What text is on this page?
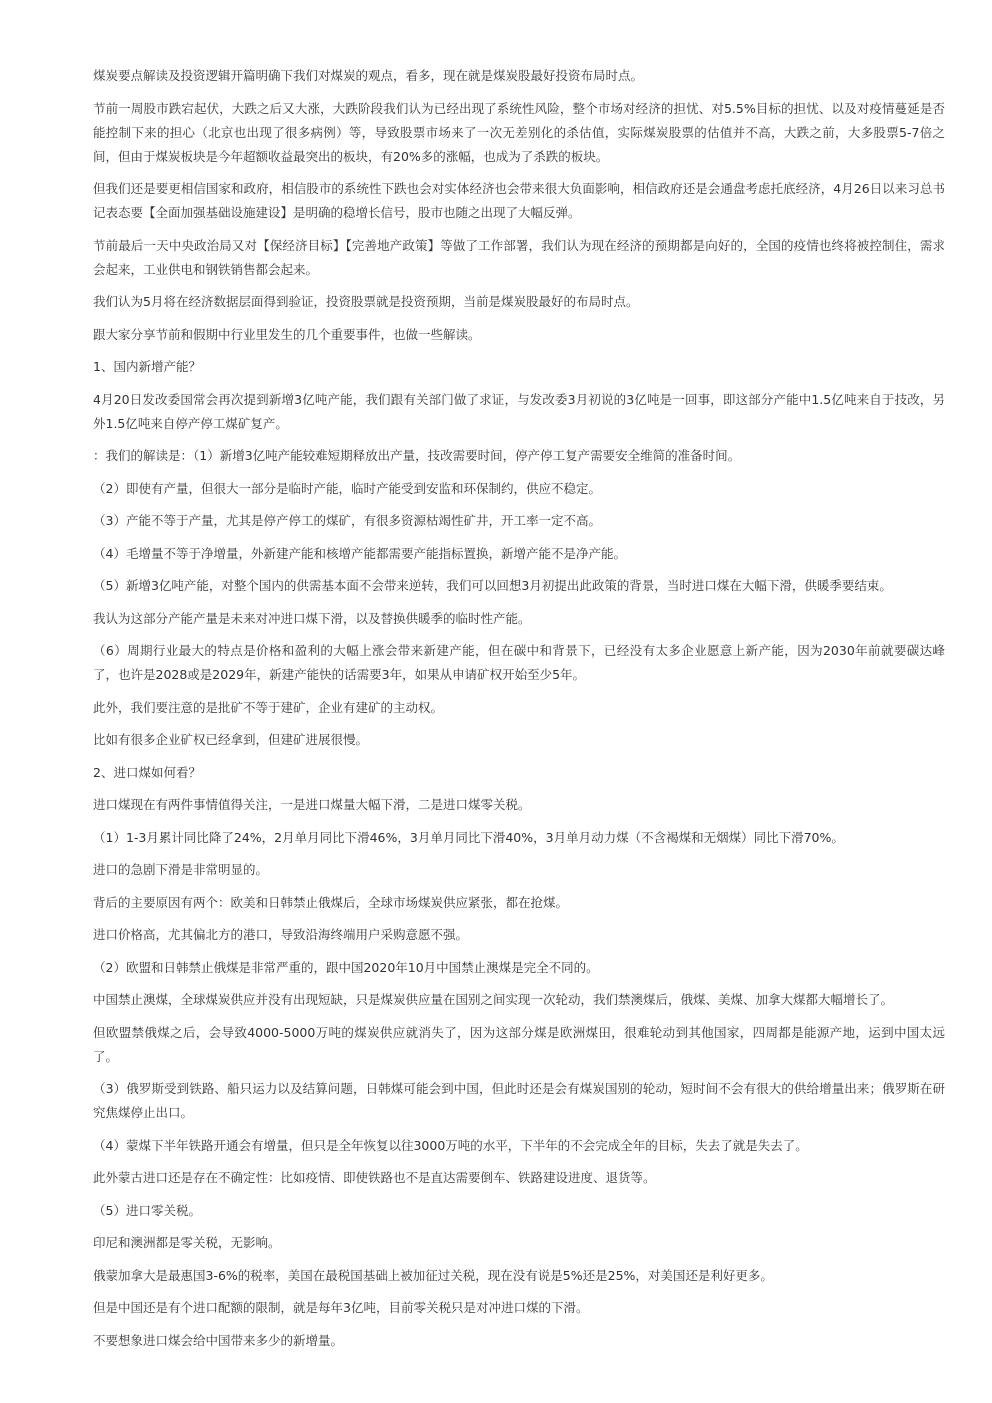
煤炭要点解读及投资逻辑开篇明确下我们对煤炭的观点，看多，现在就是煤炭股最好投资布局时点。

节前一周股市跌宕起伏，大跌之后又大涨，大跌阶段我们认为已经出现了系统性风险，整个市场对经济的担忧、对5.5%目标的担忧、以及对疫情蔓延是否能控制下来的担心（北京也出现了很多病例）等，导致股票市场来了一次无差别化的杀估值，实际煤炭股票的估值并不高，大跌之前，大多股票5-7倍之间，但由于煤炭板块是今年超额收益最突出的板块，有20%多的涨幅，也成为了杀跌的板块。

但我们还是要更相信国家和政府，相信股市的系统性下跌也会对实体经济也会带来很大负面影响，相信政府还是会通盘考虑托底经济，4月26日以来习总书记表态要【全面加强基础设施建设】是明确的稳增长信号，股市也随之出现了大幅反弹。

节前最后一天中央政治局又对【保经济目标】【完善地产政策】等做了工作部署，我们认为现在经济的预期都是向好的，全国的疫情也终将被控制住，需求会起来，工业供电和钢铁销售都会起来。

我们认为5月将在经济数据层面得到验证，投资股票就是投资预期，当前是煤炭股最好的布局时点。

跟大家分享节前和假期中行业里发生的几个重要事件，也做一些解读。

1、国内新增产能？

4月20日发改委国常会再次提到新增3亿吨产能，我们跟有关部门做了求证，与发改委3月初说的3亿吨是一回事，即这部分产能中1.5亿吨来自于技改，另外1.5亿吨来自停产停工煤矿复产。

：我们的解读是：（1）新增3亿吨产能较难短期释放出产量，技改需要时间，停产停工复产需要安全维简的准备时间。

（2）即使有产量，但很大一部分是临时产能，临时产能受到安监和环保制约，供应不稳定。

（3）产能不等于产量，尤其是停产停工的煤矿，有很多资源枯竭性矿井，开工率一定不高。

（4）毛增量不等于净增量，外新建产能和核增产能都需要产能指标置换，新增产能不是净产能。

（5）新增3亿吨产能，对整个国内的供需基本面不会带来逆转，我们可以回想3月初提出此政策的背景，当时进口煤在大幅下滑，供暖季要结束。

我认为这部分产能产量是未来对冲进口煤下滑，以及替换供暖季的临时性产能。

（6）周期行业最大的特点是价格和盈利的大幅上涨会带来新建产能，但在碳中和背景下，已经没有太多企业愿意上新产能，因为2030年前就要碳达峰了，也许是2028或是2029年，新建产能快的话需要3年，如果从申请矿权开始至少5年。

此外，我们要注意的是批矿不等于建矿，企业有建矿的主动权。

比如有很多企业矿权已经拿到，但建矿进展很慢。

2、进口煤如何看？

进口煤现在有两件事情值得关注，一是进口煤量大幅下滑，二是进口煤零关税。

（1）1-3月累计同比降了24%，2月单月同比下滑46%，3月单月同比下滑40%，3月单月动力煤（不含褐煤和无烟煤）同比下滑70%。

进口的急剧下滑是非常明显的。

背后的主要原因有两个：欧美和日韩禁止俄煤后，全球市场煤炭供应紧张，都在抢煤。

进口价格高，尤其偏北方的港口，导致沿海终端用户采购意愿不强。

（2）欧盟和日韩禁止俄煤是非常严重的，跟中国2020年10月中国禁止澳煤是完全不同的。

中国禁止澳煤，全球煤炭供应并没有出现短缺，只是煤炭供应量在国别之间实现一次轮动，我们禁澳煤后，俄煤、美煤、加拿大煤都大幅增长了。

但欧盟禁俄煤之后，会导致4000-5000万吨的煤炭供应就消失了，因为这部分煤是欧洲煤田，很难轮动到其他国家，四周都是能源产地，运到中国太远了。

（3）俄罗斯受到铁路、船只运力以及结算问题，日韩煤可能会到中国，但此时还是会有煤炭国别的轮动，短时间不会有很大的供给增量出来；俄罗斯在研究焦煤停止出口。

（4）蒙煤下半年铁路开通会有增量，但只是全年恢复以往3000万吨的水平，下半年的不会完成全年的目标，失去了就是失去了。

此外蒙古进口还是存在不确定性：比如疫情、即使铁路也不是直达需要倒车、铁路建设进度、退货等。

（5）进口零关税。

印尼和澳洲都是零关税，无影响。

俄蒙加拿大是最惠国3-6%的税率，美国在最税国基础上被加征过关税，现在没有说是5%还是25%，对美国还是利好更多。

但是中国还是有个进口配额的限制，就是每年3亿吨，目前零关税只是对冲进口煤的下滑。

不要想象进口煤会给中国带来多少的新增量。
